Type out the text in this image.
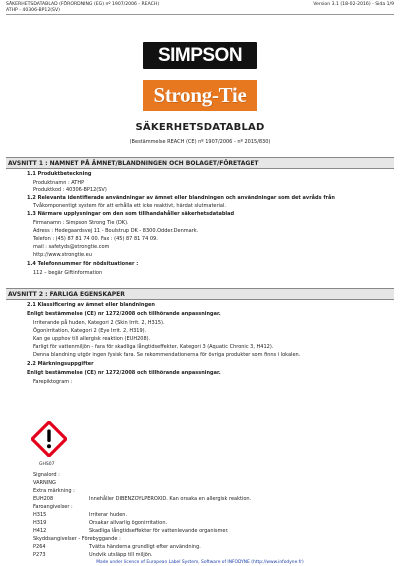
SÄKERHETSDATABLAD (FÖRORDNING (EG) nº 1907/2006 - REACH)	Version 3.1 (18-02-2016) - Sida 1/9
ATHP - 40306-BP12(SV)
SIMPSON
Strong-Tie
SÄKERHETSDATABLAD
(Bestämmelse REACH (CE) nº 1907/2006 - nº 2015/830)
AVSNITT 1 : NAMNET PÅ ÄMNET/BLANDNINGEN OCH BOLAGET/FÖRETAGET
1.1 Produktbeteckning
Produktnamn : ATHP
Produktkod : 40306-BP12(SV)
1.2 Relevanta identifierade användningar av ämnet eller blandningen och användningar som det avråds från
Tvåkomponentigt system för att erhålla ett icke reaktivt, härdat slutmaterial.
1.3 Närmare upplysningar om den som tillhandahåller säkerhetsdatablad
Firmanamn : Simpson Strong Tie (DK).
Adress : Hedegaardsvej 11 - Boulstrup DK - 8300.Odder.Denmark.
Telefon : (45) 87 81 74 00. Fax : (45) 87 81 74 09.
mail : safetyds@strongtie.com
http://www.strongtie.eu
1.4 Telefonnummer för nödsituationer :
112 – begär Giftinformation
AVSNITT 2 : FARLIGA EGENSKAPER
2.1 Klassificering av ämnet eller blandningen
Enligt bestämmelse (CE) nr 1272/2008 och tillhörande anpassningar.
Irriterande på huden, Kategori 2 (Skin Irrit. 2, H315).
Ögonirritation, Kategori 2 (Eye Irrit. 2, H319).
Kan ge upphov till allergisk reaktion (EUH208).
Farligt för vattenmiljön - fara för skadliga långtidseffekter, Kategori 3 (Aquatic Chronic 3, H412).
Denna blandning utgör ingen fysisk fara. Se rekommendationerna för övriga produkter som finns i lokalen.
2.2 Märkningsuppgifter
Enligt bestämmelse (CE) nr 1272/2008 och tillhörande anpassningar.
Farepiktogram :
GHS07
Signalord :
VARNING
Extra märkning :
EUH208	Innehåller DIBENZOYLPEROXID. Kan orsaka en allergisk reaktion.
Faroangivelser :
H315	Irriterar huden.
H319	Orsakar allvarlig ögonirritation.
H412	Skadliga långtidseffekter för vattenlevande organismer.
Skyddsangivelser - Förebyggande :
P264	Tvätta händerna grundligt efter användning.
P273	Undvik utsläpp till miljön.
Made under licence of European Label System, Software of INFODYNE (http://www.infodyne.fr)
